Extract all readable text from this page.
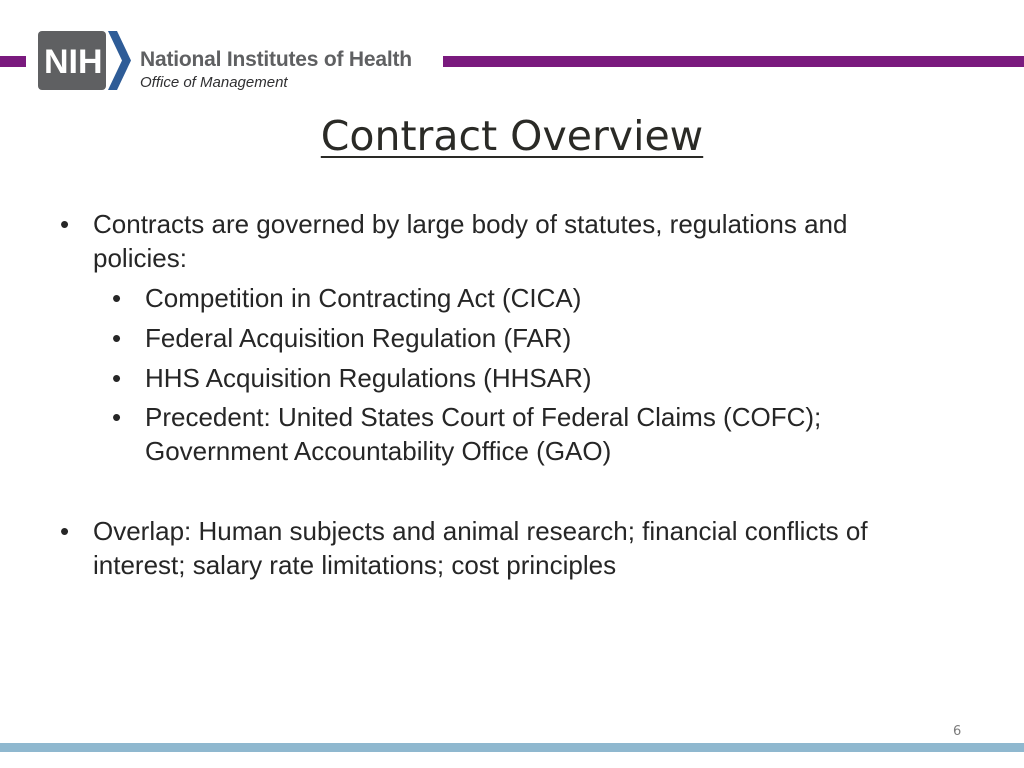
NIH National Institutes of Health
Office of Management
Contract Overview
• Contracts are governed by large body of statutes, regulations and
policies:
• Competition in Contracting Act (CICA)
• Federal Acquisition Regulation (FAR)
• HHS Acquisition Regulations (HHSAR)
• Precedent: United States Court of Federal Claims (COFC);
Government Accountability Office (GAO)
• Overlap: Human subjects and animal research; financial conflicts of
interest; salary rate limitations; cost principles
6
